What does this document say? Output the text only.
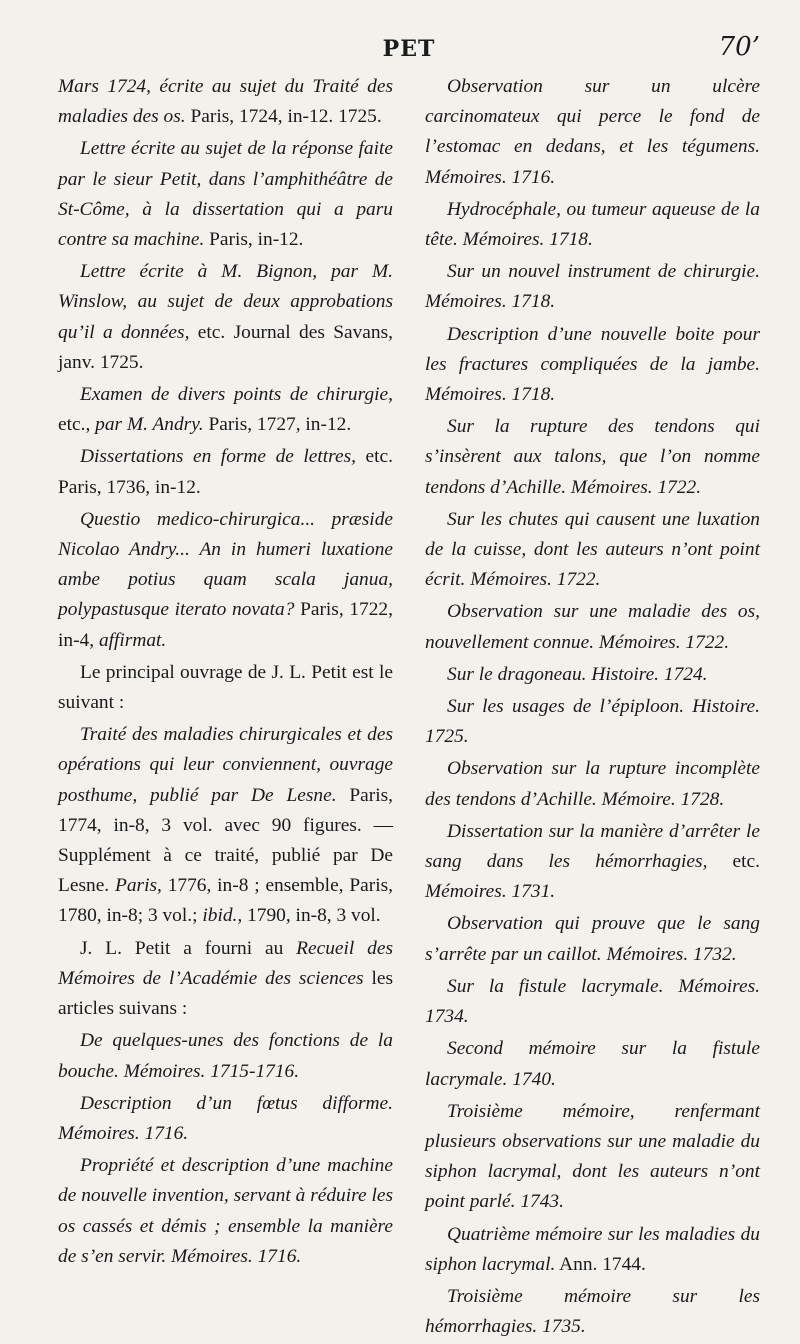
PET	70’

Mars 1724, écrite au sujet du Traité des maladies des os. Paris, 1724, in-12. 1725.

Lettre écrite au sujet de la réponse faite par le sieur Petit, dans l’amphithéâtre de St-Côme, à la dissertation qui a paru contre sa machine. Paris, in-12.

Lettre écrite à M. Bignon, par M. Winslow, au sujet de deux approbations qu’il a données, etc. Journal des Savans, janv. 1725.

Examen de divers points de chirurgie, etc., par M. Andry. Paris, 1727, in-12.

Dissertations en forme de lettres, etc. Paris, 1736, in-12.

Questio medico-chirurgica... præside Nicolao Andry... An in humeri luxatione ambe potius quam scala janua, polypastusque iterato novata? Paris, 1722, in-4, affirmat.

Le principal ouvrage de J. L. Petit est le suivant :

Traité des maladies chirurgicales et des opérations qui leur conviennent, ouvrage posthume, publié par De Lesne. Paris, 1774, in-8, 3 vol. avec 90 figures. — Supplément à ce traité, publié par De Lesne. Paris, 1776, in-8 ; ensemble, Paris, 1780, in-8; 3 vol.; ibid., 1790, in-8, 3 vol.

J. L. Petit a fourni au Recueil des Mémoires de l’Académie des sciences les articles suivans :

De quelques-unes des fonctions de la bouche. Mémoires. 1715-1716.

Description d’un fœtus difforme. Mémoires. 1716.

Propriété et description d’une machine de nouvelle invention, servant à réduire les os cassés et démis ; ensemble la manière de s’en servir. Mémoires. 1716.

Observation sur un ulcère carcinomateux qui perce le fond de l’estomac en dedans, et les tégumens. Mémoires. 1716.

Hydrocéphale, ou tumeur aqueuse de la tête. Mémoires. 1718.

Sur un nouvel instrument de chirurgie. Mémoires. 1718.

Description d’une nouvelle boite pour les fractures compliquées de la jambe. Mémoires. 1718.

Sur la rupture des tendons qui s’insèrent aux talons, que l’on nomme tendons d’Achille. Mémoires. 1722.

Sur les chutes qui causent une luxation de la cuisse, dont les auteurs n’ont point écrit. Mémoires. 1722.

Observation sur une maladie des os, nouvellement connue. Mémoires. 1722.

Sur le dragoneau. Histoire. 1724.

Sur les usages de l’épiploon. Histoire. 1725.

Observation sur la rupture incomplète des tendons d’Achille. Mémoire. 1728.

Dissertation sur la manière d’arrêter le sang dans les hémorrhagies, etc. Mémoires. 1731.

Observation qui prouve que le sang s’arrête par un caillot. Mémoires. 1732.

Sur la fistule lacrymale. Mémoires. 1734.

Second mémoire sur la fistule lacrymale. 1740.

Troisième mémoire, renfermant plusieurs observations sur une maladie du siphon lacrymal, dont les auteurs n’ont point parlé. 1743.

Quatrième mémoire sur les maladies du siphon lacrymal. Ann. 1744.

Troisième mémoire sur les hémorrhagies. 1735.
